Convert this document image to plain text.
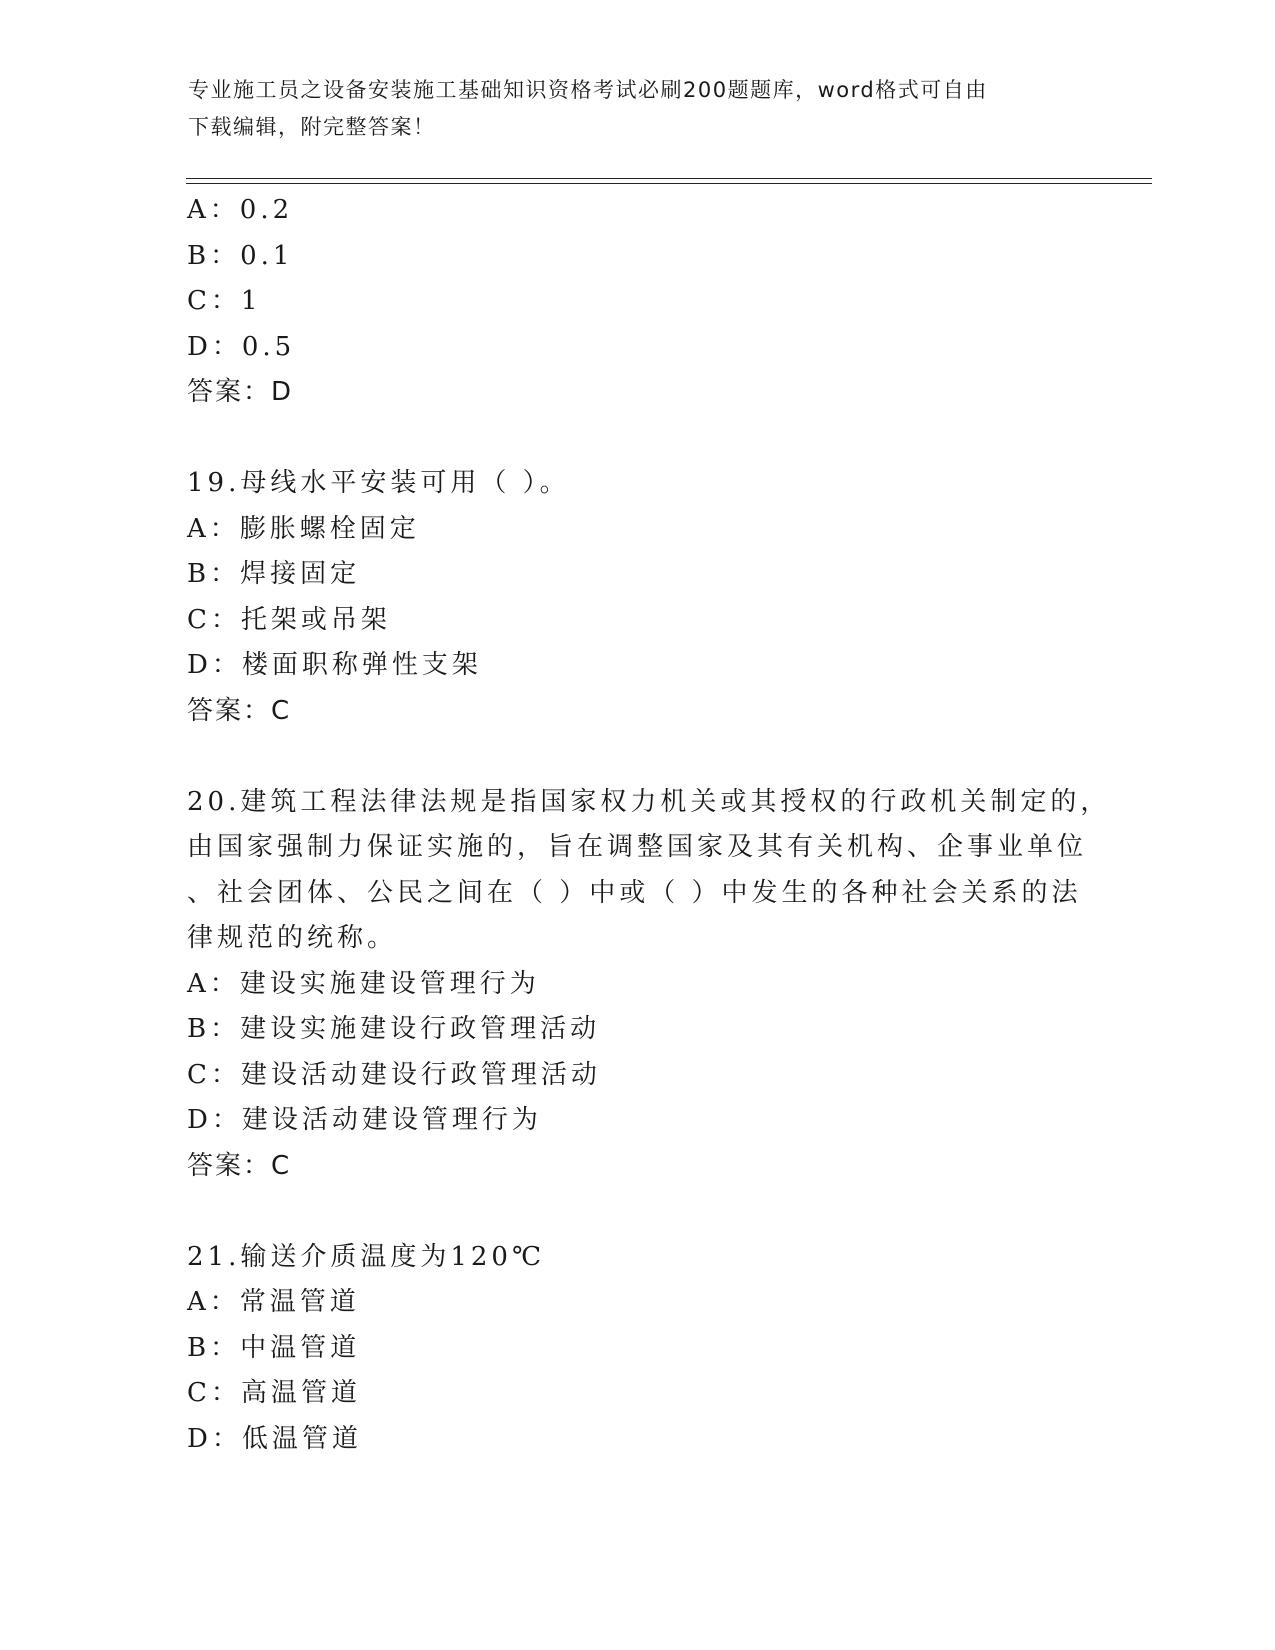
专业施工员之设备安装施工基础知识资格考试必刷200题题库，word格式可自由
下载编辑，附完整答案！
A：0.2
B：0.1
C：1
D：0.5
答案：D
19.母线水平安装可用（ ）。
A：膨胀螺栓固定
B：焊接固定
C：托架或吊架
D：楼面职称弹性支架
答案：C
20.建筑工程法律法规是指国家权力机关或其授权的行政机关制定的，
由国家强制力保证实施的，旨在调整国家及其有关机构、企事业单位
、社会团体、公民之间在（ ）中或（ ）中发生的各种社会关系的法
律规范的统称。
A：建设实施建设管理行为
B：建设实施建设行政管理活动
C：建设活动建设行政管理活动
D：建设活动建设管理行为
答案：C
21.输送介质温度为120℃
A：常温管道
B：中温管道
C：高温管道
D：低温管道
